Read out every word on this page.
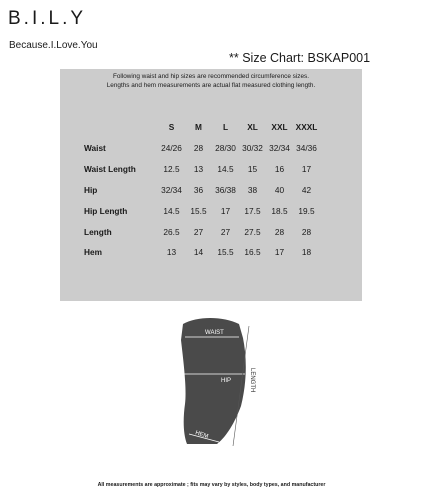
B.I.L.Y
Because.I.Love.You
** Size Chart: BSKAP001
Following waist and hip sizes are recommended circumference sizes.
Lengths and hem measurements are actual flat measured clothing length.
	S	M	L	XL	XXL	XXXL
Waist	24/26	28	28/30	30/32	32/34	34/36
Waist Length	12.5	13	14.5	15	16	17
Hip	32/34	36	36/38	38	40	42
Hip Length	14.5	15.5	17	17.5	18.5	19.5
Length	26.5	27	27	27.5	28	28
Hem	13	14	15.5	16.5	17	18
WAIST
HIP
HEM
LENGTH
All measurements are approximate ; fits may vary by styles, body types, and manufacturer
